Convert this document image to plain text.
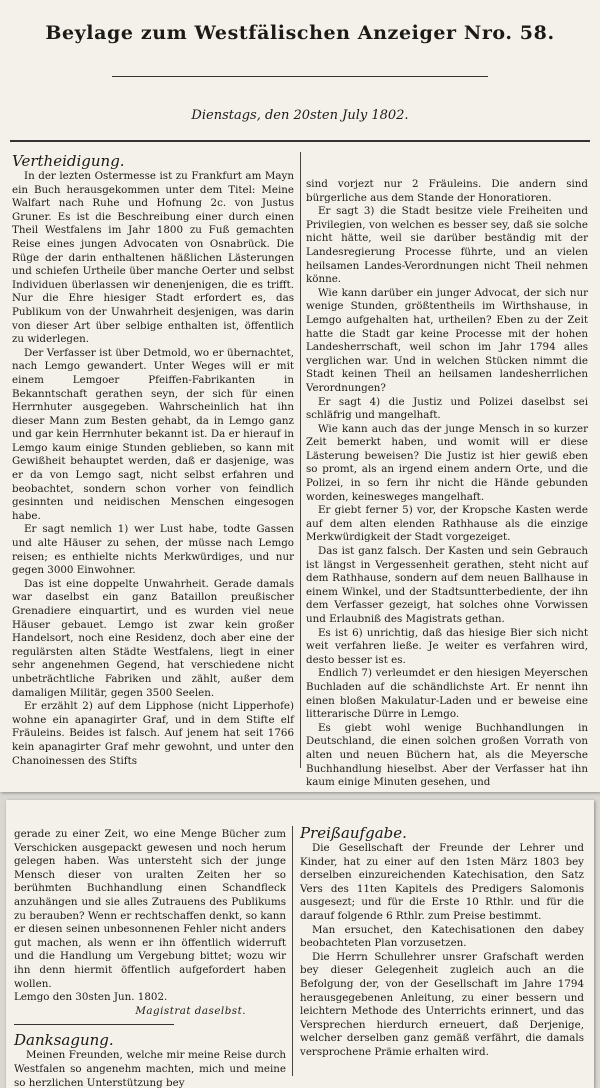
Beylage zum Westfälischen Anzeiger Nro. 58.
Dienstags, den 20sten July 1802.

Vertheidigung.

In der lezten Ostermesse ist zu Frankfurt am Mayn ein Buch herausgekommen unter dem Titel: Meine Walfart nach Ruhe und Hofnung 2c. von Justus Gruner. Es ist die Beschreibung einer durch einen Theil Westfalens im Jahr 1800 zu Fuß gemachten Reise eines jungen Advocaten von Osnabrück. Die Rüge der darin enthaltenen häßlichen Lästerungen und schiefen Urtheile über manche Oerter und selbst Individuen überlassen wir denenjenigen, die es trifft. Nur die Ehre hiesiger Stadt erfordert es, das Publikum von der Unwahrheit desjenigen, was darin von dieser Art über selbige enthalten ist, öffentlich zu widerlegen.

Der Verfasser ist über Detmold, wo er übernachtet, nach Lemgo gewandert. Unter Weges will er mit einem Lemgoer Pfeiffen-Fabrikanten in Bekanntschaft gerathen seyn, der sich für einen Herrnhuter ausgegeben. Wahrscheinlich hat ihn dieser Mann zum Besten gehabt, da in Lemgo ganz und gar kein Herrnhuter bekannt ist. Da er hierauf in Lemgo kaum einige Stunden geblieben, so kann mit Gewißheit behauptet werden, daß er dasjenige, was er da von Lemgo sagt, nicht selbst erfahren und beobachtet, sondern schon vorher von feindlich gesinnten und neidischen Menschen eingesogen habe.

Er sagt nemlich 1) wer Lust habe, todte Gassen und alte Häuser zu sehen, der müsse nach Lemgo reisen; es enthielte nichts Merkwürdiges, und nur gegen 3000 Einwohner.

Das ist eine doppelte Unwahrheit. Gerade damals war daselbst ein ganz Bataillon preußischer Grenadiere einquartirt, und es wurden viel neue Häuser gebauet. Lemgo ist zwar kein großer Handelsort, noch eine Residenz, doch aber eine der regulärsten alten Städte Westfalens, liegt in einer sehr angenehmen Gegend, hat verschiedene nicht unbeträchtliche Fabriken und zählt, außer dem damaligen Militär, gegen 3500 Seelen.

Er erzählt 2) auf dem Lipphose (nicht Lipperhofe) wohne ein apanagirter Graf, und in dem Stifte elf Fräuleins. Beides ist falsch. Auf jenem hat seit 1766 kein apanagirter Graf mehr gewohnt, und unter den Chanoinessen des Stifts

sind vorjezt nur 2 Fräuleins. Die andern sind bürgerliche aus dem Stande der Honoratioren.

Er sagt 3) die Stadt besitze viele Freiheiten und Privilegien, von welchen es besser sey, daß sie solche nicht hätte, weil sie darüber beständig mit der Landesregierung Processe führte, und an vielen heilsamen Landes-Verordnungen nicht Theil nehmen könne.

Wie kann darüber ein junger Advocat, der sich nur wenige Stunden, größtentheils im Wirthshause, in Lemgo aufgehalten hat, urtheilen? Eben zu der Zeit hatte die Stadt gar keine Processe mit der hohen Landesherrschaft, weil schon im Jahr 1794 alles verglichen war. Und in welchen Stücken nimmt die Stadt keinen Theil an heilsamen landesherrlichen Verordnungen?

Er sagt 4) die Justiz und Polizei daselbst sei schläfrig und mangelhaft.

Wie kann auch das der junge Mensch in so kurzer Zeit bemerkt haben, und womit will er diese Lästerung beweisen? Die Justiz ist hier gewiß eben so promt, als an irgend einem andern Orte, und die Polizei, in so fern ihr nicht die Hände gebunden worden, keinesweges mangelhaft.

Er giebt ferner 5) vor, der Kropsche Kasten werde auf dem alten elenden Rathhause als die einzige Merkwürdigkeit der Stadt vorgezeiget.

Das ist ganz falsch. Der Kasten und sein Gebrauch ist längst in Vergessenheit gerathen, steht nicht auf dem Rathhause, sondern auf dem neuen Ballhause in einem Winkel, und der Stadtsuntterbediente, der ihn dem Verfasser gezeigt, hat solches ohne Vorwissen und Erlaubniß des Magistrats gethan.

Es ist 6) unrichtig, daß das hiesige Bier sich nicht weit verfahren ließe. Je weiter es verfahren wird, desto besser ist es.

Endlich 7) verleumdet er den hiesigen Meyerschen Buchladen auf die schändlichste Art. Er nennt ihn einen bloßen Makulatur-Laden und er beweise eine litterarische Dürre in Lemgo.

Es giebt wohl wenige Buchhandlungen in Deutschland, die einen solchen großen Vorrath von alten und neuen Büchern hat, als die Meyersche Buchhandlung hieselbst. Aber der Verfasser hat ihn kaum einige Minuten gesehen, und

gerade zu einer Zeit, wo eine Menge Bücher zum Verschicken ausgepackt gewesen und noch herum gelegen haben. Was untersteht sich der junge Mensch dieser von uralten Zeiten her so berühmten Buchhandlung einen Schandfleck anzuhängen und sie alles Zutrauens des Publikums zu berauben? Wenn er rechtschaffen denkt, so kann er diesen seinen unbesonnenen Fehler nicht anders gut machen, als wenn er ihn öffentlich widerruft und die Handlung um Vergebung bittet; wozu wir ihn denn hiermit öffentlich aufgefordert haben wollen.

Lemgo den 30sten Jun. 1802.

Magistrat daselbst.

Danksagung.

Meinen Freunden, welche mir meine Reise durch Westfalen so angenehm machten, mich und meine so herzlichen Unterstützung bey

Preißaufgabe.

Die Gesellschaft der Freunde der Lehrer und Kinder, hat zu einer auf den 1sten März 1803 bey derselben einzureichenden Katechisation, den Satz Vers des 11ten Kapitels des Predigers Salomonis ausgesezt; und für die Erste 10 Rthlr. und für die darauf folgende 6 Rthlr. zum Preise bestimmt.

Man ersuchet, den Katechisationen den dabey beobachteten Plan vorzusetzen.

Die Herrn Schullehrer unsrer Grafschaft werden bey dieser Gelegenheit zugleich auch an die Befolgung der, von der Gesellschaft im Jahre 1794 herausgegebenen Anleitung, zu einer bessern und leichtern Methode des Unterrichts erinnert, und das Versprechen hierdurch erneuert, daß Derjenige, welcher derselben ganz gemäß verfährt, die damals versprochene Prämie erhalten wird.
